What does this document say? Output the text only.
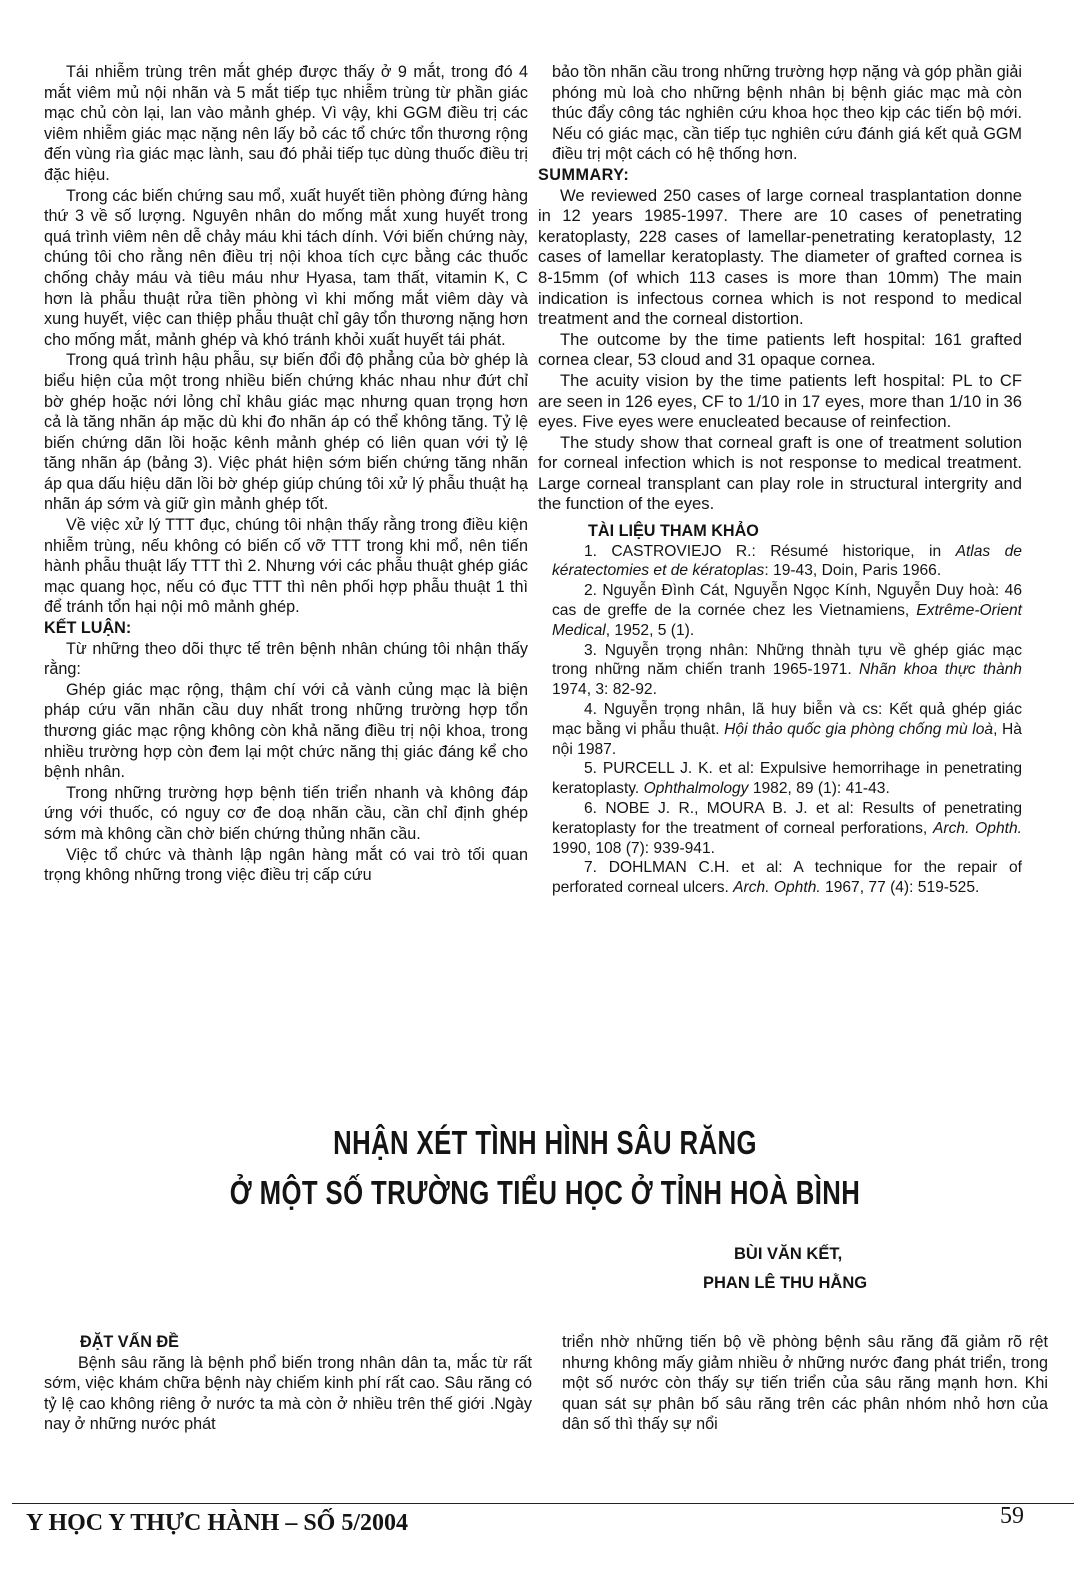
Tái nhiễm trùng trên mắt ghép được thấy ở 9 mắt, trong đó 4 mắt viêm mủ nội nhãn và 5 mắt tiếp tục nhiễm trùng từ phần giác mạc chủ còn lại, lan vào mảnh ghép. Vì vậy, khi GGM điều trị các viêm nhiễm giác mạc nặng nên lấy bỏ các tổ chức tổn thương rộng đến vùng rìa giác mạc lành, sau đó phải tiếp tục dùng thuốc điều trị đặc hiệu.

Trong các biến chứng sau mổ, xuất huyết tiền phòng đứng hàng thứ 3 về số lượng. Nguyên nhân do mống mắt xung huyết trong quá trình viêm nên dễ chảy máu khi tách dính. Với biến chứng này, chúng tôi cho rằng nên điều trị nội khoa tích cực bằng các thuốc chống chảy máu và tiêu máu như Hyasa, tam thất, vitamin K, C hơn là phẫu thuật rửa tiền phòng vì khi mống mắt viêm dày và xung huyết, việc can thiệp phẫu thuật chỉ gây tổn thương nặng hơn cho mống mắt, mảnh ghép và khó tránh khỏi xuất huyết tái phát.

Trong quá trình hậu phẫu, sự biến đổi độ phẳng của bờ ghép là biểu hiện của một trong nhiều biến chứng khác nhau như đứt chỉ bờ ghép hoặc nới lỏng chỉ khâu giác mạc nhưng quan trọng hơn cả là tăng nhãn áp mặc dù khi đo nhãn áp có thể không tăng. Tỷ lệ biến chứng dãn lồi hoặc kênh mảnh ghép có liên quan với tỷ lệ tăng nhãn áp (bảng 3). Việc phát hiện sớm biến chứng tăng nhãn áp qua dấu hiệu dãn lồi bờ ghép giúp chúng tôi xử lý phẫu thuật hạ nhãn áp sớm và giữ gìn mảnh ghép tốt.

Về việc xử lý TTT đục, chúng tôi nhận thấy rằng trong điều kiện nhiễm trùng, nếu không có biến cố vỡ TTT trong khi mổ, nên tiến hành phẫu thuật lấy TTT thì 2. Nhưng với các phẫu thuật ghép giác mạc quang học, nếu có đục TTT thì nên phối hợp phẫu thuật 1 thì để tránh tổn hại nội mô mảnh ghép.

KẾT LUẬN:

Từ những theo dõi thực tế trên bệnh nhân chúng tôi nhận thấy rằng:

Ghép giác mạc rộng, thậm chí với cả vành củng mạc là biện pháp cứu vãn nhãn cầu duy nhất trong những trường hợp tổn thương giác mạc rộng không còn khả năng điều trị nội khoa, trong nhiều trường hợp còn đem lại một chức năng thị giác đáng kể cho bệnh nhân.

Trong những trường hợp bệnh tiến triển nhanh và không đáp ứng với thuốc, có nguy cơ đe doạ nhãn cầu, cần chỉ định ghép sớm mà không cần chờ biến chứng thủng nhãn cầu.

Việc tổ chức và thành lập ngân hàng mắt có vai trò tối quan trọng không những trong việc điều trị cấp cứu

bảo tồn nhãn cầu trong những trường hợp nặng và góp phần giải phóng mù loà cho những bệnh nhân bị bệnh giác mạc mà còn thúc đẩy công tác nghiên cứu khoa học theo kịp các tiến bộ mới. Nếu có giác mạc, cần tiếp tục nghiên cứu đánh giá kết quả GGM điều trị một cách có hệ thống hơn.

SUMMARY:

We reviewed 250 cases of large corneal trasplantation donne in 12 years 1985-1997. There are 10 cases of penetrating keratoplasty, 228 cases of lamellar-penetrating keratoplasty, 12 cases of lamellar keratoplasty. The diameter of grafted cornea is 8-15mm (of which 113 cases is more than 10mm) The main indication is infectous cornea which is not respond to medical treatment and the corneal distortion.

The outcome by the time patients left hospital: 161 grafted cornea clear, 53 cloud and 31 opaque cornea.

The acuity vision by the time patients left hospital: PL to CF are seen in 126 eyes, CF to 1/10 in 17 eyes, more than 1/10 in 36 eyes. Five eyes were enucleated because of reinfection.

The study show that corneal graft is one of treatment solution for corneal infection which is not response to medical treatment. Large corneal transplant can play role in structural intergrity and the function of the eyes.

TÀI LIỆU THAM KHẢO

1. CASTROVIEJO R.: Résumé historique, in Atlas de kératectomies et de kératoplas: 19-43, Doin, Paris 1966.

2. Nguyễn Đình Cát, Nguyễn Ngọc Kính, Nguyễn Duy hoà: 46 cas de greffe de la cornée chez les Vietnamiens, Extrême-Orient Medical, 1952, 5 (1).

3. Nguyễn trọng nhân: Những thnàh tựu về ghép giác mạc trong những năm chiến tranh 1965-1971. Nhãn khoa thực thành 1974, 3: 82-92.

4. Nguyễn trọng nhân, lã huy biễn và cs: Kết quả ghép giác mạc bằng vi phẫu thuật. Hội thảo quốc gia phòng chống mù loà, Hà nội 1987.

5. PURCELL J. K. et al: Expulsive hemorrihage in penetrating keratoplasty. Ophthalmology 1982, 89 (1): 41-43.

6. NOBE J. R., MOURA B. J. et al: Results of penetrating keratoplasty for the treatment of corneal perforations, Arch. Ophth. 1990, 108 (7): 939-941.

7. DOHLMAN C.H. et al: A technique for the repair of perforated corneal ulcers. Arch. Ophth. 1967, 77 (4): 519-525.

NHẬN XÉT TÌNH HÌNH SÂU RĂNG
Ở MỘT SỐ TRƯỜNG TIỂU HỌC Ở TỈNH HOÀ BÌNH
BÙI VĂN KẾT,
PHAN LÊ THU HẰNG

ĐẶT VẤN ĐỀ

Bệnh sâu răng là bệnh phổ biến trong nhân dân ta, mắc từ rất sớm, việc khám chữa bệnh này chiếm kinh phí rất cao. Sâu răng có tỷ lệ cao không riêng ở nước ta mà còn ở nhiều trên thế giới .Ngày nay ở những nước phát

triển nhờ những tiến bộ về phòng bệnh sâu răng đã giảm rõ rệt nhưng không mấy giảm nhiều ở những nước đang phát triển, trong một số nước còn thấy sự tiến triển của sâu răng mạnh hơn. Khi quan sát sự phân bố sâu răng trên các phân nhóm nhỏ hơn của dân số thì thấy sự nổi

Y HỌC Y THỰC HÀNH – SỐ 5/2004	59
